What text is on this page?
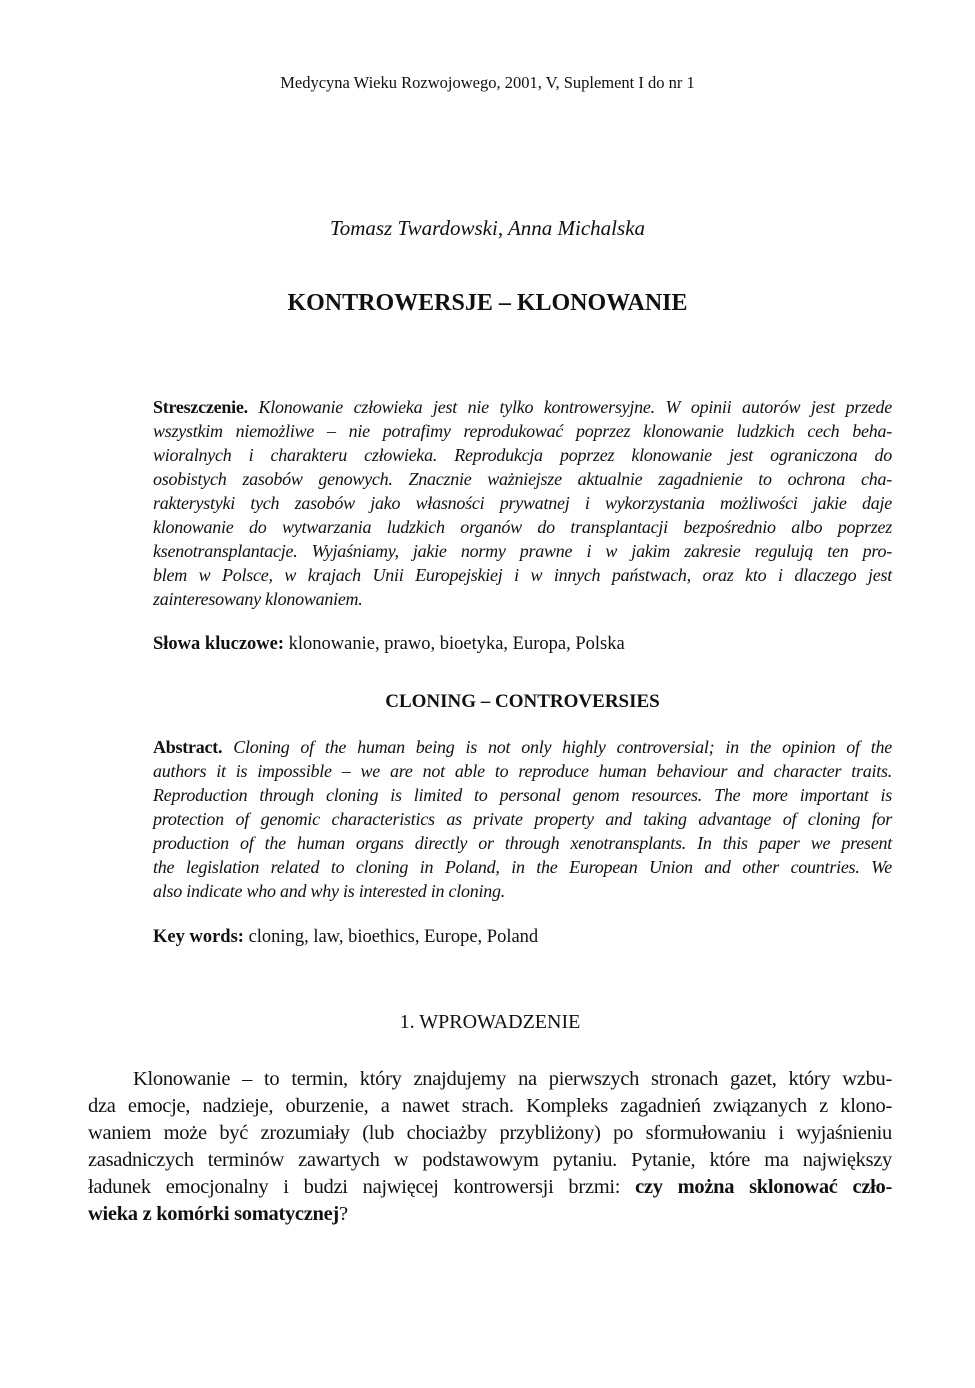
Medycyna Wieku Rozwojowego, 2001, V, Suplement I do nr 1
Tomasz Twardowski, Anna Michalska
KONTROWERSJE – KLONOWANIE
Streszczenie. Klonowanie człowieka jest nie tylko kontrowersyjne. W opinii autorów jest przede
wszystkim niemożliwe – nie potrafimy reprodukować poprzez klonowanie ludzkich cech beha-
wioralnych i charakteru człowieka. Reprodukcja poprzez klonowanie jest ograniczona do
osobistych zasobów genowych. Znacznie ważniejsze aktualnie zagadnienie to ochrona cha-
rakterystyki tych zasobów jako własności prywatnej i wykorzystania możliwości jakie daje
klonowanie do wytwarzania ludzkich organów do transplantacji bezpośrednio albo poprzez
ksenotransplantacje. Wyjaśniamy, jakie normy prawne i w jakim zakresie regulują ten pro-
blem w Polsce, w krajach Unii Europejskiej i w innych państwach, oraz kto i dlaczego jest
zainteresowany klonowaniem.
Słowa kluczowe: klonowanie, prawo, bioetyka, Europa, Polska
CLONING – CONTROVERSIES
Abstract. Cloning of the human being is not only highly controversial; in the opinion of the
authors it is impossible – we are not able to reproduce human behaviour and character traits.
Reproduction through cloning is limited to personal genom resources. The more important is
protection of genomic characteristics as private property and taking advantage of cloning for
production of the human organs directly or through xenotransplants. In this paper we present
the legislation related to cloning in Poland, in the European Union and other countries. We
also indicate who and why is interested in cloning.
Key words: cloning, law, bioethics, Europe, Poland
1. WPROWADZENIE
Klonowanie – to termin, który znajdujemy na pierwszych stronach gazet, który wzbu-
dza emocje, nadzieje, oburzenie, a nawet strach. Kompleks zagadnień związanych z klono-
waniem może być zrozumiały (lub chociażby przybliżony) po sformułowaniu i wyjaśnieniu
zasadniczych terminów zawartych w podstawowym pytaniu. Pytanie, które ma największy
ładunek emocjonalny i budzi najwięcej kontrowersji brzmi: czy można sklonować czło-
wieka z komórki somatycznej?
